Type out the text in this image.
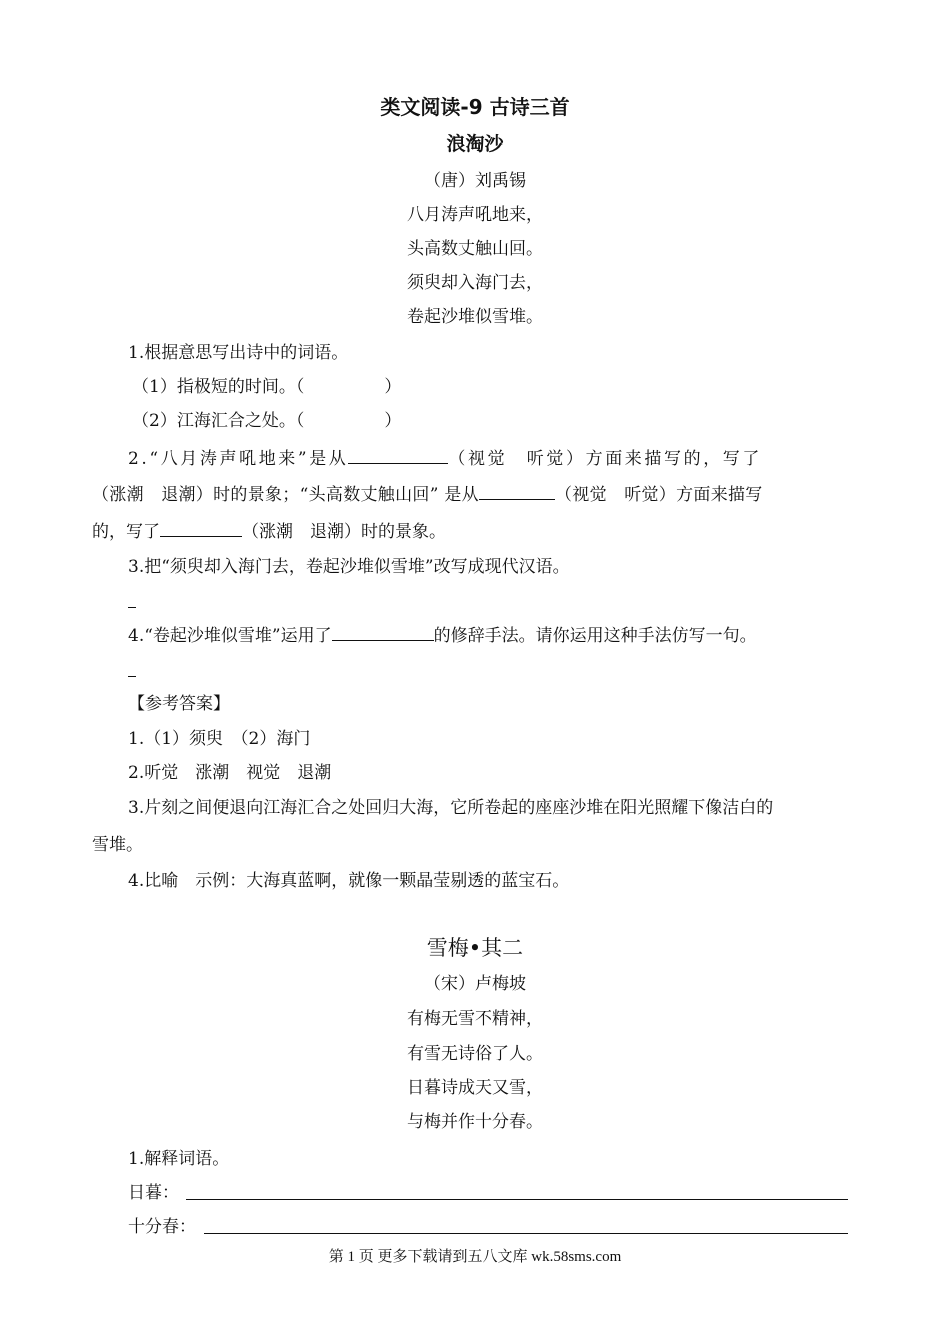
类文阅读-9 古诗三首
浪淘沙
（唐）刘禹锡
八月涛声吼地来，
头高数丈触山回。
须臾却入海门去，
卷起沙堆似雪堆。
1.根据意思写出诗中的词语。
（1）指极短的时间。（	）
（2）江海汇合之处。（	）
2.“八月涛声吼地来”是从	（视觉　听觉）方面来描写的，写了
（涨潮　退潮）时的景象；“头高数丈触山回” 是从	（视觉　听觉）方面来描写
的，写了	（涨潮　退潮）时的景象。
3.把“须臾却入海门去，卷起沙堆似雪堆”改写成现代汉语。
4.“卷起沙堆似雪堆”运用了	的修辞手法。请你运用这种手法仿写一句。
【参考答案】
1.（1）须臾　（2）海门
2.听觉　涨潮　视觉　退潮
3.片刻之间便退向江海汇合之处回归大海，它所卷起的座座沙堆在阳光照耀下像洁白的
雪堆。
4.比喻　示例：大海真蓝啊，就像一颗晶莹剔透的蓝宝石。
雪梅•其二
（宋）卢梅坡
有梅无雪不精神，
有雪无诗俗了人。
日暮诗成天又雪，
与梅并作十分春。
1.解释词语。
日暮：
十分春：
第 1 页 更多下载请到五八文库 wk.58sms.com
